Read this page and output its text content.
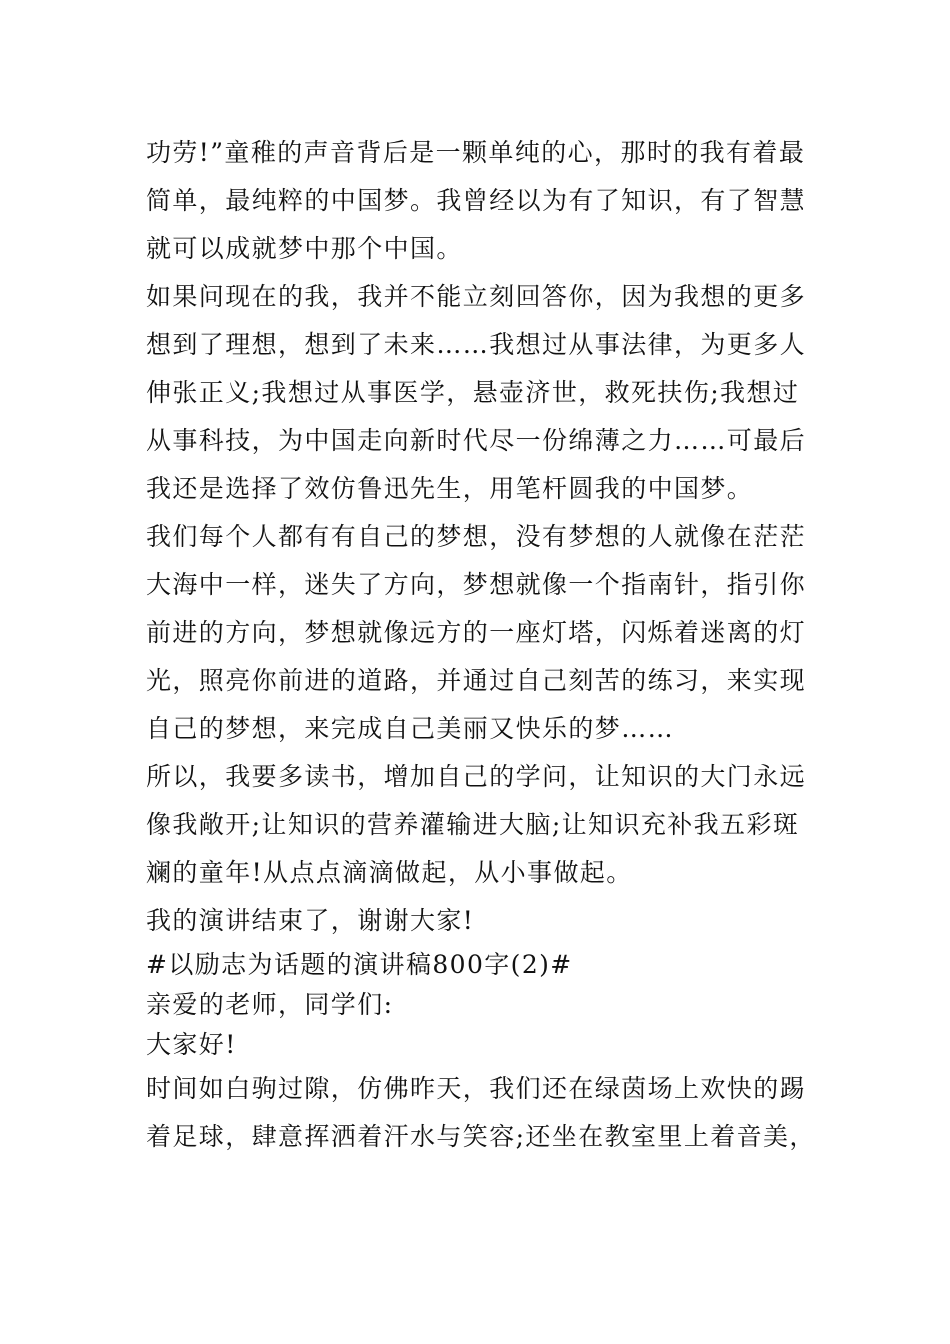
功劳!”童稚的声音背后是一颗单纯的心，那时的我有着最
简单，最纯粹的中国梦。我曾经以为有了知识，有了智慧
就可以成就梦中那个中国。
如果问现在的我，我并不能立刻回答你，因为我想的更多
想到了理想，想到了未来……我想过从事法律，为更多人
伸张正义;我想过从事医学，悬壶济世，救死扶伤;我想过
从事科技，为中国走向新时代尽一份绵薄之力……可最后
我还是选择了效仿鲁迅先生，用笔杆圆我的中国梦。
我们每个人都有有自己的梦想，没有梦想的人就像在茫茫
大海中一样，迷失了方向，梦想就像一个指南针，指引你
前进的方向，梦想就像远方的一座灯塔，闪烁着迷离的灯
光，照亮你前进的道路，并通过自己刻苦的练习，来实现
自己的梦想，来完成自己美丽又快乐的梦……
所以，我要多读书，增加自己的学问，让知识的大门永远
像我敞开;让知识的营养灌输进大脑;让知识充补我五彩斑
斓的童年!从点点滴滴做起，从小事做起。
我的演讲结束了，谢谢大家!
#以励志为话题的演讲稿800字(2)#
亲爱的老师，同学们:
大家好!
时间如白驹过隙，仿佛昨天，我们还在绿茵场上欢快的踢
着足球，肆意挥洒着汗水与笑容;还坐在教室里上着音美，
